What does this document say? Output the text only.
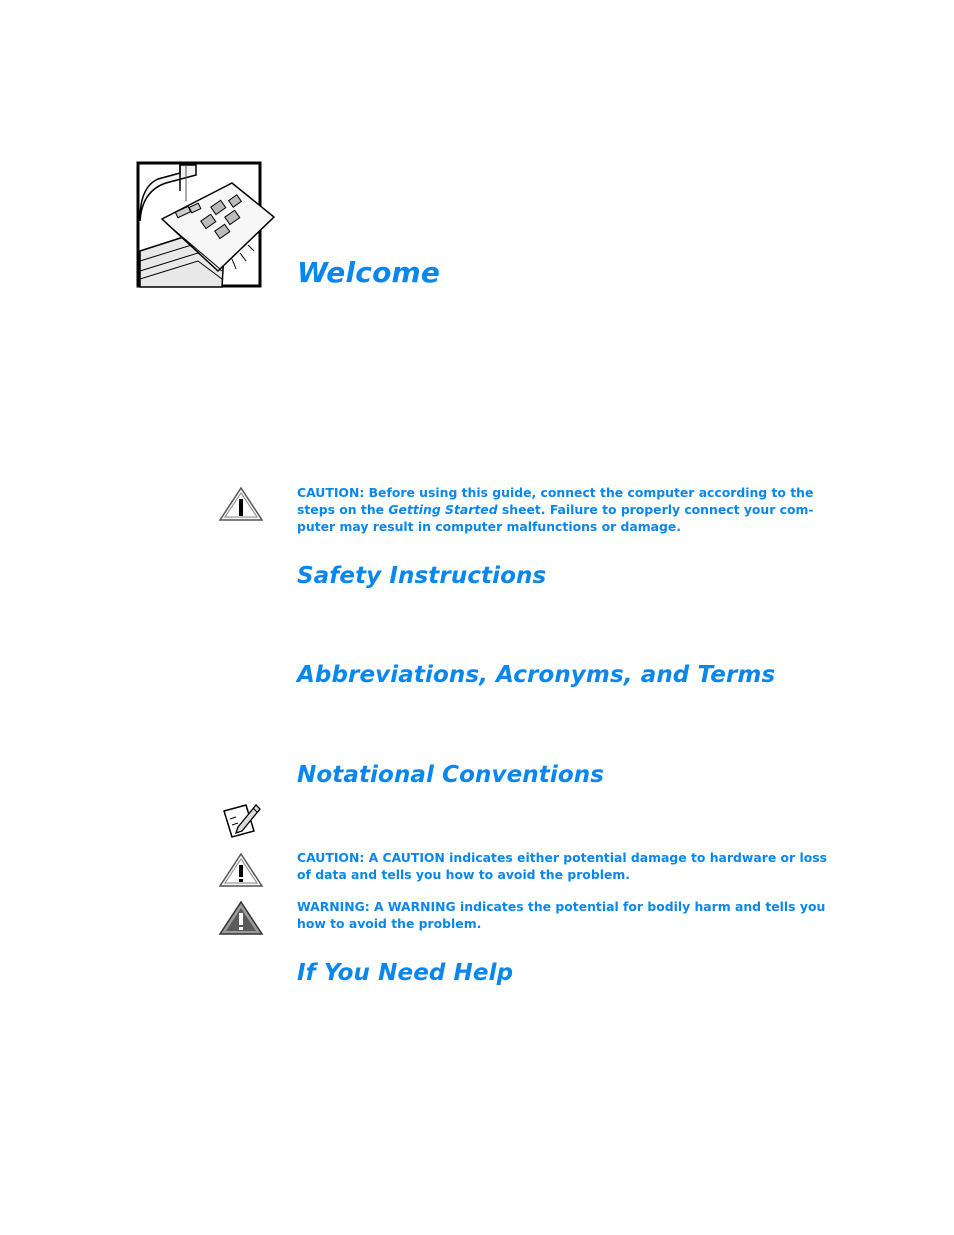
Welcome

CAUTION: Before using this guide, connect the computer according to the steps on the Getting Started sheet. Failure to properly connect your com-puter may result in computer malfunctions or damage.

Safety Instructions
Abbreviations, Acronyms, and Terms
Notational Conventions

CAUTION: A CAUTION indicates either potential damage to hardware or loss of data and tells you how to avoid the problem.

WARNING: A WARNING indicates the potential for bodily harm and tells you how to avoid the problem.

If You Need Help
